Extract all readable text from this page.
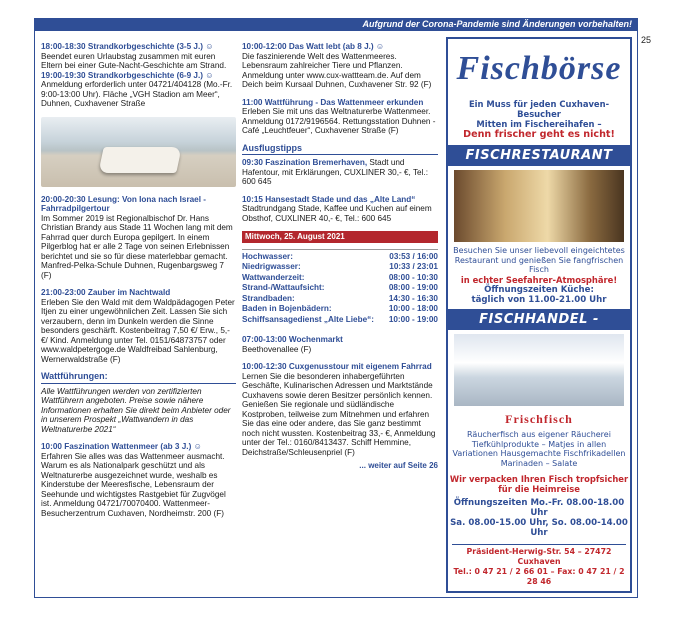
Aufgrund der Corona-Pandemie sind Änderungen vorbehalten!
25

18:00-18:30 Strandkorbgeschichte (3-5 J.) ☺
Beendet euren Urlaubstag zusammen mit euren Eltern bei einer Gute-Nacht-Geschichte am Strand.
19:00-19:30 Strandkorbgeschichte (6-9 J.) ☺
Anmeldung erforderlich unter 04721/404128 (Mo.-Fr. 9:00-13:00 Uhr). Fläche „VGH Stadion am Meer“, Duhnen, Cuxhavener Straße

20:00-20:30 Lesung: Von Iona nach Israel - Fahrradpilgertour
Im Sommer 2019 ist Regionalbischof Dr. Hans Christian Brandy aus Stade 11 Wochen lang mit dem Fahrrad quer durch Europa gepilgert. In einem Pilgerblog hat er alle 2 Tage von seinen Erlebnissen berichtet und sie so für diese materlebbar gemacht. Manfred-Pelka-Schule Duhnen, Rugenbargsweg 7 (F)

21:00-23:00 Zauber im Nachtwald
Erleben Sie den Wald mit dem Waldpädagogen Peter Itjen zu einer ungewöhnlichen Zeit. Lassen Sie sich verzaubern, denn im Dunkeln werden die Sinne besonders geschärft. Kostenbeitrag 7,50 €/ Erw., 5,- €/ Kind. Anmeldung unter Tel. 0151/64873757 oder www.waldpetergoge.de Waldfreibad Sahlenburg, Wernerwaldstraße (F)

Wattführungen:

Alle Wattführungen werden von zertifizierten Wattführern angeboten. Preise sowie nähere Informationen erhalten Sie direkt beim Anbieter oder in unserem Prospekt „Wattwandern in das Weltnaturerbe 2021“

10:00 Faszination Wattenmeer (ab 3 J.) ☺
Erfahren Sie alles was das Wattenmeer ausmacht. Warum es als Nationalpark geschützt und als Weltnaturerbe ausgezeichnet wurde, weshalb es Kinderstube der Meeresfische, Lebensraum der Seehunde und wichtigstes Rastgebiet für Zugvögel ist. Anmeldung 04721/70070400. Wattenmeer-Besucherzentrum Cuxhaven, Nordheimstr. 200 (F)

10:00-12:00 Das Watt lebt (ab 8 J.) ☺
Die faszinierende Welt des Wattenmeeres. Lebensraum zahlreicher Tiere und Pflanzen. Anmeldung unter www.cux-wattteam.de. Auf dem Deich beim Kursaal Duhnen, Cuxhavener Str. 92 (F)

11:00 Wattführung - Das Wattenmeer erkunden
Erleben Sie mit uns das Weltnaturerbe Wattenmeer. Anmeldung 0172/9196564. Rettungsstation Duhnen - Café „Leuchtfeuer“, Cuxhavener Straße (F)

Ausflugstipps

09:30 Faszination Bremerhaven, Stadt und Hafentour, mit Erklärungen, CUXLINER 30,- €, Tel.: 600 645

10:15 Hansestadt Stade und das „Alte Land“
Stadtrundgang Stade, Kaffee und Kuchen auf einem Obsthof, CUXLINER 40,- €, Tel.: 600 645

Mittwoch, 25. August 2021
Hochwasser:	03:53 / 16:00
Niedrigwasser:	10:33 / 23:01
Wattwanderzeit:	08:00 - 10:30
Strand-/Wattaufsicht:	08:00 - 19:00
Strandbaden:	14:30 - 16:30
Baden in Bojenbädern:	10:00 - 18:00
Schiffsansagedienst „Alte Liebe“:	10:00 - 19:00

07:00-13:00 Wochenmarkt
Beethovenallee (F)

10:00-12:30 Cuxgenusstour mit eigenem Fahrrad
Lernen Sie die besonderen inhabergeführten Geschäfte, Kulinarischen Adressen und Marktstände Cuxhavens sowie deren Besitzer persönlich kennen. Genießen Sie regionale und südländische Kostproben, teilweise zum Mitnehmen und erfahren Sie das eine oder andere, das Sie ganz bestimmt noch nicht wussten. Kostenbeitrag 33,- €, Anmeldung unter der Tel.: 0160/8413437. Schiff Hemmine, Deichstraße/Schleusenpriel (F)

... weiter auf Seite 26
Fischbörse
Ein Muss für jeden Cuxhaven-Besucher
Mitten im Fischereihafen –
Denn frischer geht es nicht!
FISCHRESTAURANT
Besuchen Sie unser liebevoll eingeichtetes Restaurant und genießen Sie fangfrischen Fisch
in echter Seefahrer-Atmosphäre!
Öffnungszeiten Küche:
täglich von 11.00-21.00 Uhr
FISCHHANDEL -
Frischfisch
Räucherfisch aus eigener Räucherei Tiefkühlprodukte – Matjes in allen Variationen Hausgemachte Fischfrikadellen Marinaden – Salate
Wir verpacken Ihren Fisch tropfsicher für die Heimreise
Öffnungszeiten Mo.-Fr. 08.00-18.00 Uhr
Sa. 08.00-15.00 Uhr, So. 08.00-14.00 Uhr
Präsident-Herwig-Str. 54 – 27472 Cuxhaven
Tel.: 0 47 21 / 2 66 01 – Fax: 0 47 21 / 2 28 46
